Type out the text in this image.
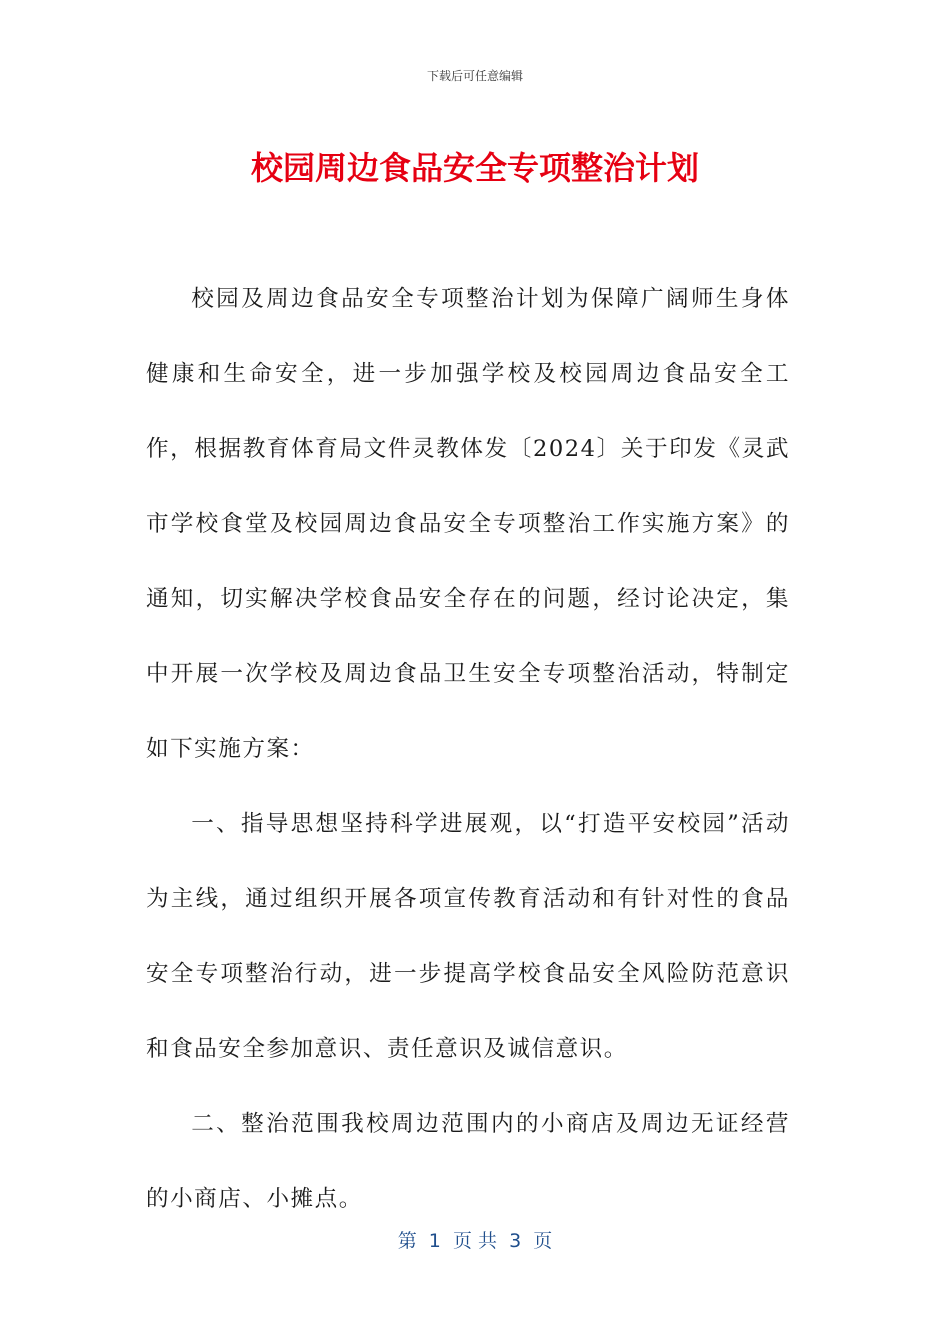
下载后可任意编辑
校园周边食品安全专项整治计划

校园及周边食品安全专项整治计划为保障广阔师生身体健康和生命安全，进一步加强学校及校园周边食品安全工作，根据教育体育局文件灵教体发〔2024〕关于印发《灵武市学校食堂及校园周边食品安全专项整治工作实施方案》的通知，切实解决学校食品安全存在的问题，经讨论决定，集中开展一次学校及周边食品卫生安全专项整治活动，特制定如下实施方案：

一、指导思想坚持科学进展观，以“打造平安校园”活动为主线，通过组织开展各项宣传教育活动和有针对性的食品安全专项整治行动，进一步提高学校食品安全风险防范意识和食品安全参加意识、责任意识及诚信意识。

二、整治范围我校周边范围内的小商店及周边无证经营的小商店、小摊点。

第  1  页 共  3  页
